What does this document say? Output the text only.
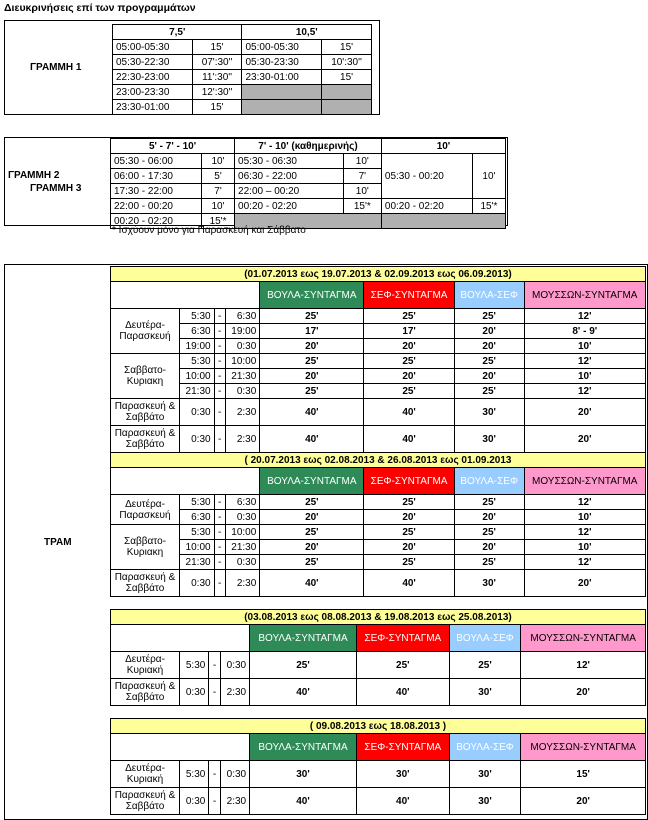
Διευκρινήσεις επί των προγραμμάτων
ΓΡΑΜΜΗ 1
7,5'		10,5'	
05:00-05:30	15'	05:00-05:30	15'
05:30-22:30	07':30''	05:30-23:30	10':30''
22:30-23:00	11':30''	23:30-01:00	15'
23:00-23:30	12':30''		
23:30-01:00	15'		
ΓΡΑΜΜΗ 2
ΓΡΑΜΜΗ 3
5' - 7' - 10'		7' - 10' (καθημερινής)		10'	
05:30 - 06:00	10'	05:30 - 06:30	10'	05:30 - 00:20	10'
06:00 - 17:30	5'	06:30 - 22:00	7'		
17:30 - 22:00	7'	22:00 – 00:20	10'		
22:00 - 00:20	10'	00:20 - 02:20	15'*	00:20 - 02:20	15'*
00:20 - 02:20	15'*				
* Ισχύουν μόνο για Παρασκευή και Σάββατο
ΤΡΑΜ
(01.07.2013 εως 19.07.2013 & 02.09.2013 εως 06.09.2013)							
				ΒΟΥΛΑ-ΣΥΝΤΑΓΜΑ	ΣΕΦ-ΣΥΝΤΑΓΜΑ	ΒΟΥΛΑ-ΣΕΦ	ΜΟΥΣΣΩΝ-ΣΥΝΤΑΓΜΑ
Δευτέρα-Παρασκευή	5:30	-	6:30	25'	25'	25'	12'
	6:30	-	19:00	17'	17'	20'	8' - 9'
	19:00	-	0:30	20'	20'	20'	10'
Σαββατο-Κυριακη	5:30	-	10:00	25'	25'	25'	12'
	10:00	-	21:30	20'	20'	20'	10'
	21:30	-	0:30	25'	25'	25'	12'
Παρασκευή & Σαββάτο	0:30	-	2:30	40'	40'	30'	20'
Παρασκευή & Σαββάτο	0:30	-	2:30	40'	40'	30'	20'
( 20.07.2013 εως 02.08.2013 & 26.08.2013 εως 01.09.2013							
				ΒΟΥΛΑ-ΣΥΝΤΑΓΜΑ	ΣΕΦ-ΣΥΝΤΑΓΜΑ	ΒΟΥΛΑ-ΣΕΦ	ΜΟΥΣΣΩΝ-ΣΥΝΤΑΓΜΑ
Δευτέρα-Παρασκευή	5:30	-	6:30	25'	25'	25'	12'
	6:30	-	0:30	20'	20'	20'	10'
Σαββατο-Κυριακη	5:30	-	10:00	25'	25'	25'	12'
	10:00	-	21:30	20'	20'	20'	10'
	21:30	-	0:30	25'	25'	25'	12'
Παρασκευή & Σαββάτο	0:30	-	2:30	40'	40'	30'	20'
(03.08.2013 εως 08.08.2013 & 19.08.2013 εως 25.08.2013)							
				ΒΟΥΛΑ-ΣΥΝΤΑΓΜΑ	ΣΕΦ-ΣΥΝΤΑΓΜΑ	ΒΟΥΛΑ-ΣΕΦ	ΜΟΥΣΣΩΝ-ΣΥΝΤΑΓΜΑ
Δευτέρα-Κυριακή	5:30	-	0:30	25'	25'	25'	12'
Παρασκευή & Σαββάτο	0:30	-	2:30	40'	40'	30'	20'
( 09.08.2013 εως 18.08.2013 )							
				ΒΟΥΛΑ-ΣΥΝΤΑΓΜΑ	ΣΕΦ-ΣΥΝΤΑΓΜΑ	ΒΟΥΛΑ-ΣΕΦ	ΜΟΥΣΣΩΝ-ΣΥΝΤΑΓΜΑ
Δευτέρα-Κυριακή	5:30	-	0:30	30'	30'	30'	15'
Παρασκευή & Σαββάτο	0:30	-	2:30	40'	40'	30'	20'
